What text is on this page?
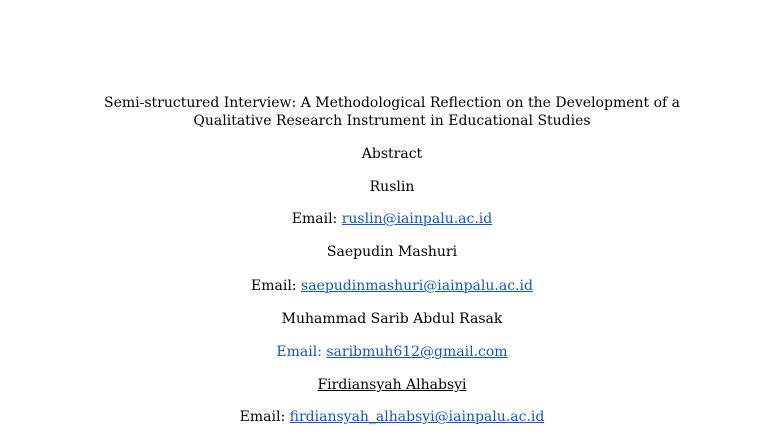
Semi-structured Interview: A Methodological Reflection on the Development of a
Qualitative Research Instrument in Educational Studies
Abstract
Ruslin
Email: ruslin@iainpalu.ac.id
Saepudin Mashuri
Email: saepudinmashuri@iainpalu.ac.id
Muhammad Sarib Abdul Rasak
Email: saribmuh612@gmail.com
Firdiansyah Alhabsyi
Email: firdiansyah_alhabsyi@iainpalu.ac.id
